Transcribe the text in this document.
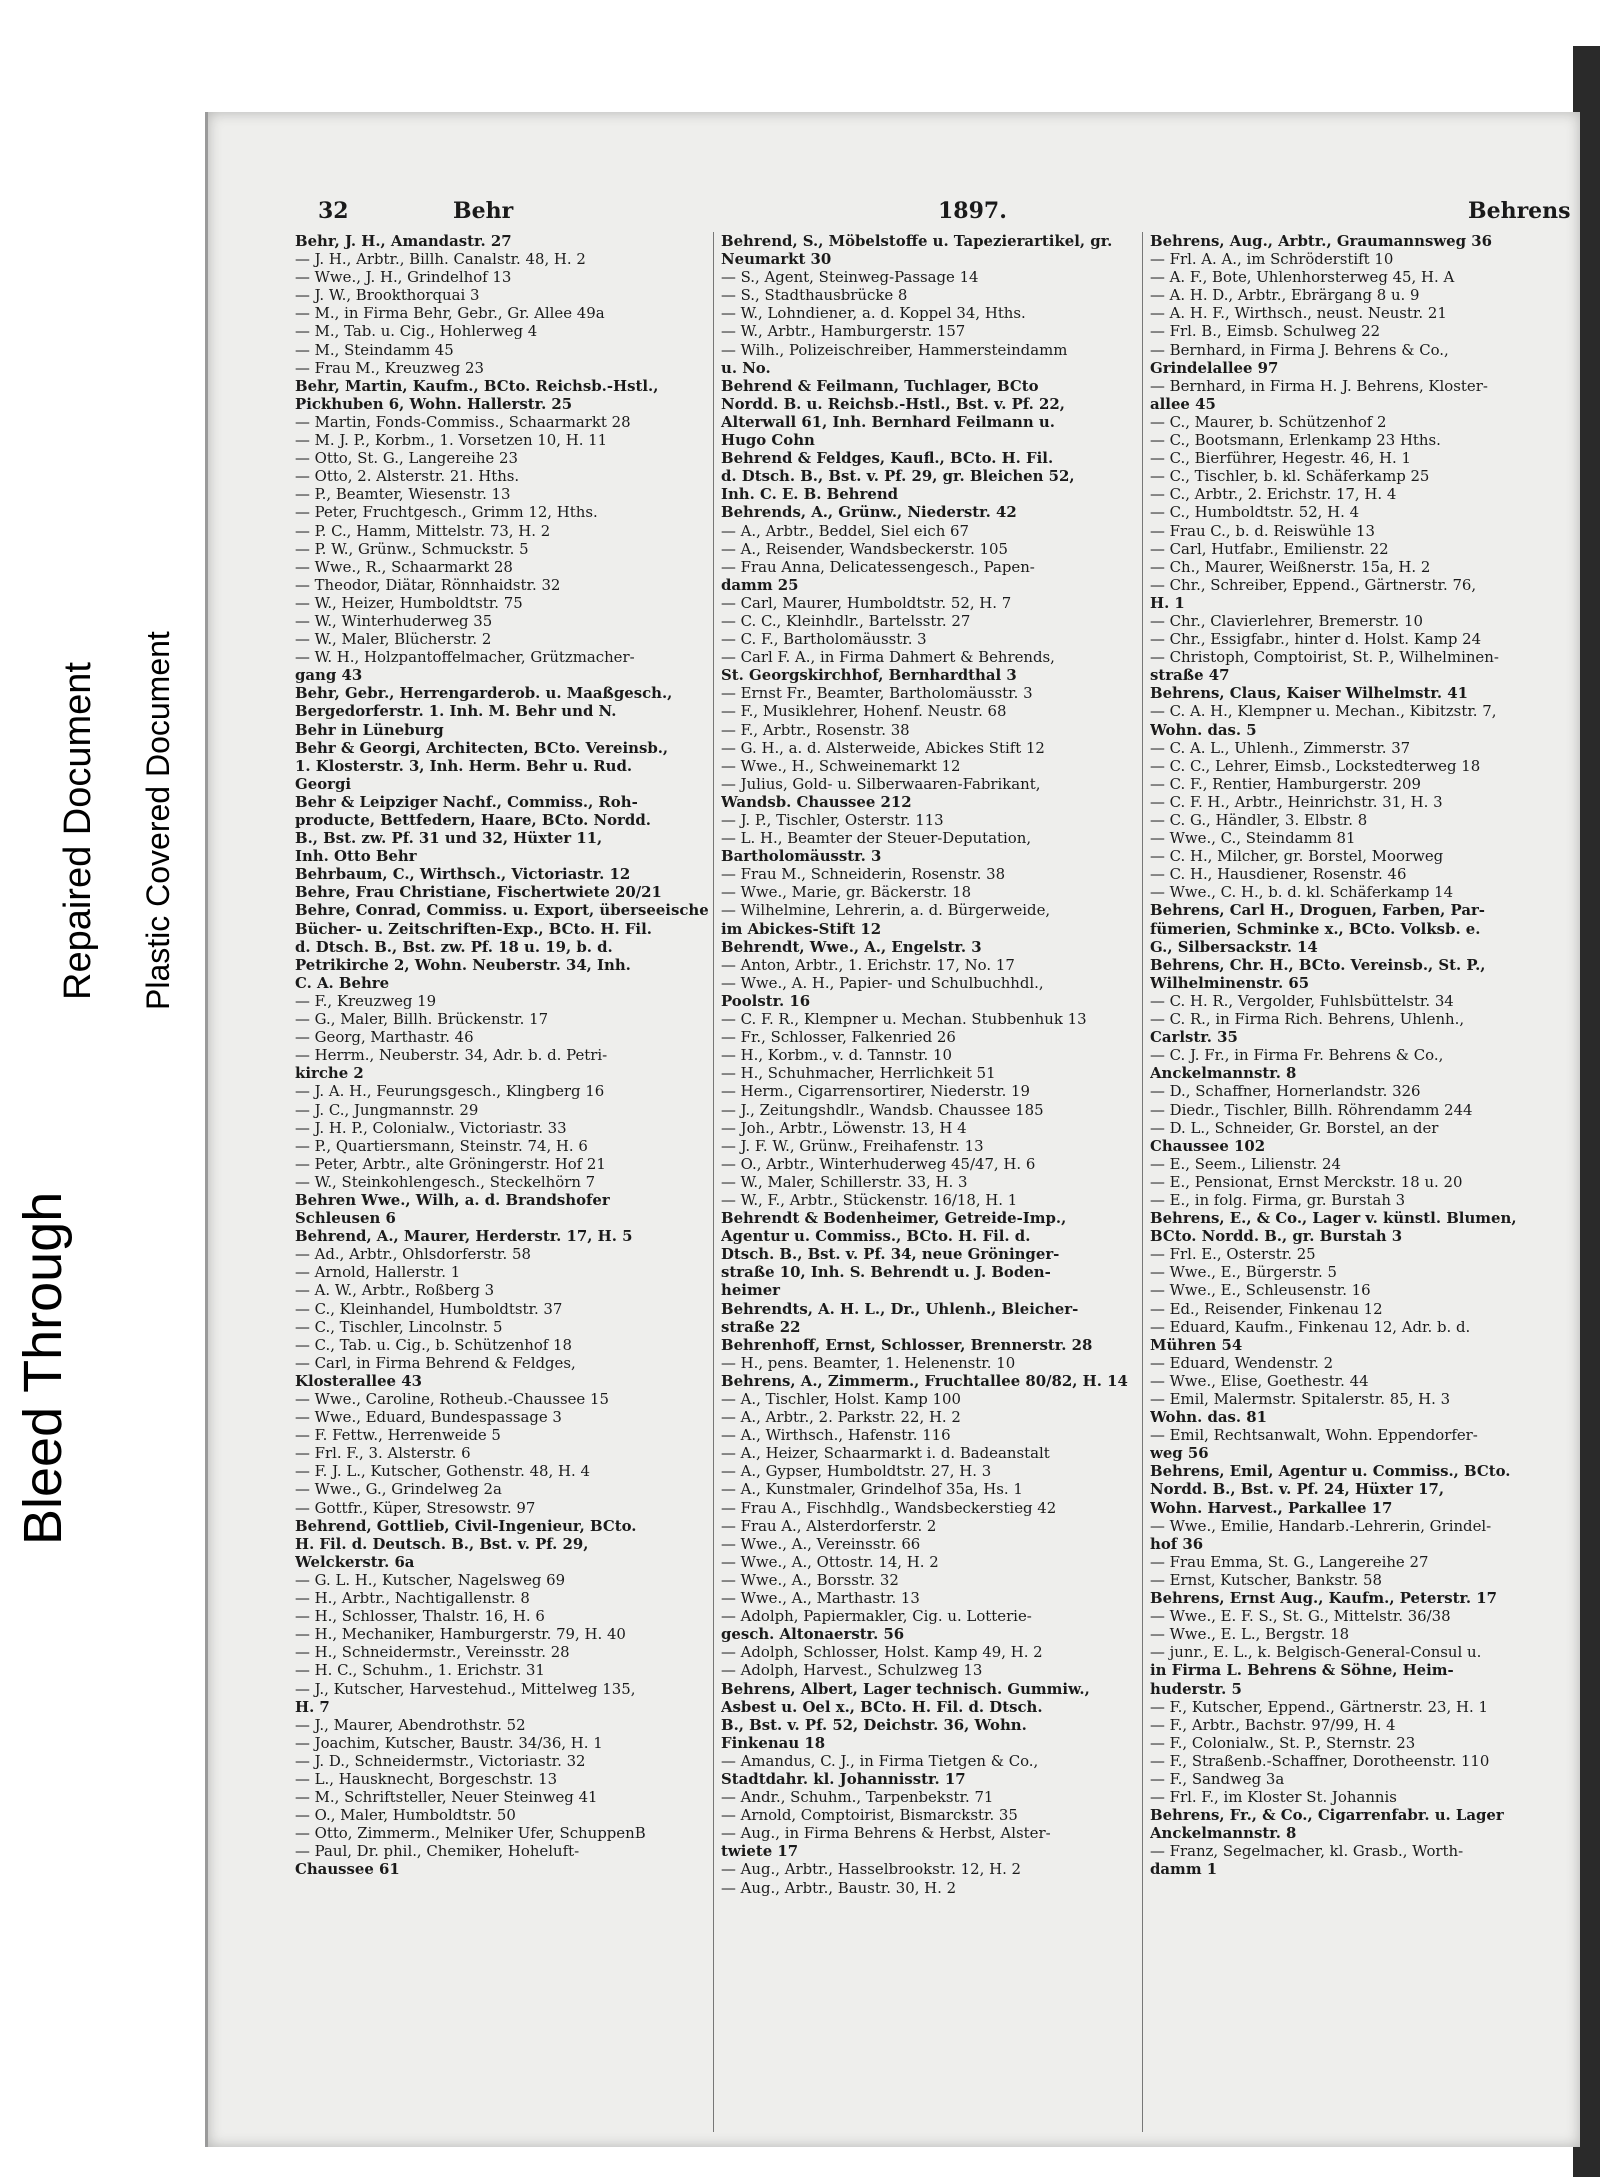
32	Behr	1897.	Behrens
Behr, J. H., Amandastr. 27
— J. H., Arbtr., Billh. Canalstr. 48, H. 2
— Wwe., J. H., Grindelhof 13
— J. W., Brookthorquai 3
— M., in Firma Behr, Gebr., Gr. Allee 49a
— M., Tab. u. Cig., Hohlerweg 4
— M., Steindamm 45
— Frau M., Kreuzweg 23
Behr, Martin, Kaufm., BCto. Reichsb.-Hstl.,
Pickhuben 6, Wohn. Hallerstr. 25
— Martin, Fonds-Commiss., Schaarmarkt 28
— M. J. P., Korbm., 1. Vorsetzen 10, H. 11
— Otto, St. G., Langereihe 23
— Otto, 2. Alsterstr. 21. Hths.
— P., Beamter, Wiesenstr. 13
— Peter, Fruchtgesch., Grimm 12, Hths.
— P. C., Hamm, Mittelstr. 73, H. 2
— P. W., Grünw., Schmuckstr. 5
— Wwe., R., Schaarmarkt 28
— Theodor, Diätar, Rönnhaidstr. 32
— W., Heizer, Humboldtstr. 75
— W., Winterhuderweg 35
— W., Maler, Blücherstr. 2
— W. H., Holzpantoffelmacher, Grützmacher-
gang 43
Behr, Gebr., Herrengarderob. u. Maaßgesch.,
Bergedorferstr. 1. Inh. M. Behr und N.
Behr in Lüneburg
Behr & Georgi, Architecten, BCto. Vereinsb.,
1. Klosterstr. 3, Inh. Herm. Behr u. Rud.
Georgi
Behr & Leipziger Nachf., Commiss., Roh-
producte, Bettfedern, Haare, BCto. Nordd.
B., Bst. zw. Pf. 31 und 32, Hüxter 11,
Inh. Otto Behr
Behrbaum, C., Wirthsch., Victoriastr. 12
Behre, Frau Christiane, Fischertwiete 20/21
Behre, Conrad, Commiss. u. Export, überseeische
Bücher- u. Zeitschriften-Exp., BCto. H. Fil.
d. Dtsch. B., Bst. zw. Pf. 18 u. 19, b. d.
Petrikirche 2, Wohn. Neuberstr. 34, Inh.
C. A. Behre
— F., Kreuzweg 19
— G., Maler, Billh. Brückenstr. 17
— Georg, Marthastr. 46
— Herrm., Neuberstr. 34, Adr. b. d. Petri-
kirche 2
— J. A. H., Feurungsgesch., Klingberg 16
— J. C., Jungmannstr. 29
— J. H. P., Colonialw., Victoriastr. 33
— P., Quartiersmann, Steinstr. 74, H. 6
— Peter, Arbtr., alte Gröningerstr. Hof 21
— W., Steinkohlengesch., Steckelhörn 7
Behren Wwe., Wilh, a. d. Brandshofer
Schleusen 6
Behrend, A., Maurer, Herderstr. 17, H. 5
— Ad., Arbtr., Ohlsdorferstr. 58
— Arnold, Hallerstr. 1
— A. W., Arbtr., Roßberg 3
— C., Kleinhandel, Humboldtstr. 37
— C., Tischler, Lincolnstr. 5
— C., Tab. u. Cig., b. Schützenhof 18
— Carl, in Firma Behrend & Feldges,
Klosterallee 43
— Wwe., Caroline, Rotheub.-Chaussee 15
— Wwe., Eduard, Bundespassage 3
— F. Fettw., Herrenweide 5
— Frl. F., 3. Alsterstr. 6
— F. J. L., Kutscher, Gothenstr. 48, H. 4
— Wwe., G., Grindelweg 2a
— Gottfr., Küper, Stresowstr. 97
Behrend, Gottlieb, Civil-Ingenieur, BCto.
H. Fil. d. Deutsch. B., Bst. v. Pf. 29,
Welckerstr. 6a
— G. L. H., Kutscher, Nagelsweg 69
— H., Arbtr., Nachtigallenstr. 8
— H., Schlosser, Thalstr. 16, H. 6
— H., Mechaniker, Hamburgerstr. 79, H. 40
— H., Schneidermstr., Vereinsstr. 28
— H. C., Schuhm., 1. Erichstr. 31
— J., Kutscher, Harvestehud., Mittelweg 135,
H. 7
— J., Maurer, Abendrothstr. 52
— Joachim, Kutscher, Baustr. 34/36, H. 1
— J. D., Schneidermstr., Victoriastr. 32
— L., Hausknecht, Borgeschstr. 13
— M., Schriftsteller, Neuer Steinweg 41
— O., Maler, Humboldtstr. 50
— Otto, Zimmerm., Melniker Ufer, SchuppenB
— Paul, Dr. phil., Chemiker, Hoheluft-
Chaussee 61
Behrend, S., Möbelstoffe u. Tapezierartikel, gr.
Neumarkt 30
— S., Agent, Steinweg-Passage 14
— S., Stadthausbrücke 8
— W., Lohndiener, a. d. Koppel 34, Hths.
— W., Arbtr., Hamburgerstr. 157
— Wilh., Polizeischreiber, Hammersteindamm
u. No.
Behrend & Feilmann, Tuchlager, BCto
Nordd. B. u. Reichsb.-Hstl., Bst. v. Pf. 22,
Alterwall 61, Inh. Bernhard Feilmann u.
Hugo Cohn
Behrend & Feldges, Kaufl., BCto. H. Fil.
d. Dtsch. B., Bst. v. Pf. 29, gr. Bleichen 52,
Inh. C. E. B. Behrend
Behrends, A., Grünw., Niederstr. 42
— A., Arbtr., Beddel, Siel eich 67
— A., Reisender, Wandsbeckerstr. 105
— Frau Anna, Delicatessengesch., Papen-
damm 25
— Carl, Maurer, Humboldtstr. 52, H. 7
— C. C., Kleinhdlr., Bartelsstr. 27
— C. F., Bartholomäusstr. 3
— Carl F. A., in Firma Dahmert & Behrends,
St. Georgskirchhof, Bernhardthal 3
— Ernst Fr., Beamter, Bartholomäusstr. 3
— F., Musiklehrer, Hohenf. Neustr. 68
— F., Arbtr., Rosenstr. 38
— G. H., a. d. Alsterweide, Abickes Stift 12
— Wwe., H., Schweinemarkt 12
— Julius, Gold- u. Silberwaaren-Fabrikant,
Wandsb. Chaussee 212
— J. P., Tischler, Osterstr. 113
— L. H., Beamter der Steuer-Deputation,
Bartholomäusstr. 3
— Frau M., Schneiderin, Rosenstr. 38
— Wwe., Marie, gr. Bäckerstr. 18
— Wilhelmine, Lehrerin, a. d. Bürgerweide,
im Abickes-Stift 12
Behrendt, Wwe., A., Engelstr. 3
— Anton, Arbtr., 1. Erichstr. 17, No. 17
— Wwe., A. H., Papier- und Schulbuchhdl.,
Poolstr. 16
— C. F. R., Klempner u. Mechan. Stubbenhuk 13
— Fr., Schlosser, Falkenried 26
— H., Korbm., v. d. Tannstr. 10
— H., Schuhmacher, Herrlichkeit 51
— Herm., Cigarrensortirer, Niederstr. 19
— J., Zeitungshdlr., Wandsb. Chaussee 185
— Joh., Arbtr., Löwenstr. 13, H 4
— J. F. W., Grünw., Freihafenstr. 13
— O., Arbtr., Winterhuderweg 45/47, H. 6
— W., Maler, Schillerstr. 33, H. 3
— W., F., Arbtr., Stückenstr. 16/18, H. 1
Behrendt & Bodenheimer, Getreide-Imp.,
Agentur u. Commiss., BCto. H. Fil. d.
Dtsch. B., Bst. v. Pf. 34, neue Gröninger-
straße 10, Inh. S. Behrendt u. J. Boden-
heimer
Behrendts, A. H. L., Dr., Uhlenh., Bleicher-
straße 22
Behrenhoff, Ernst, Schlosser, Brennerstr. 28
— H., pens. Beamter, 1. Helenenstr. 10
Behrens, A., Zimmerm., Fruchtallee 80/82, H. 14
— A., Tischler, Holst. Kamp 100
— A., Arbtr., 2. Parkstr. 22, H. 2
— A., Wirthsch., Hafenstr. 116
— A., Heizer, Schaarmarkt i. d. Badeanstalt
— A., Gypser, Humboldtstr. 27, H. 3
— A., Kunstmaler, Grindelhof 35a, Hs. 1
— Frau A., Fischhdlg., Wandsbeckerstieg 42
— Frau A., Alsterdorferstr. 2
— Wwe., A., Vereinsstr. 66
— Wwe., A., Ottostr. 14, H. 2
— Wwe., A., Borsstr. 32
— Wwe., A., Marthastr. 13
— Adolph, Papiermakler, Cig. u. Lotterie-
gesch. Altonaerstr. 56
— Adolph, Schlosser, Holst. Kamp 49, H. 2
— Adolph, Harvest., Schulzweg 13
Behrens, Albert, Lager technisch. Gummiw.,
Asbest u. Oel x., BCto. H. Fil. d. Dtsch.
B., Bst. v. Pf. 52, Deichstr. 36, Wohn.
Finkenau 18
— Amandus, C. J., in Firma Tietgen & Co.,
Stadtdahr. kl. Johannisstr. 17
— Andr., Schuhm., Tarpenbekstr. 71
— Arnold, Comptoirist, Bismarckstr. 35
— Aug., in Firma Behrens & Herbst, Alster-
twiete 17
— Aug., Arbtr., Hasselbrookstr. 12, H. 2
— Aug., Arbtr., Baustr. 30, H. 2
Behrens, Aug., Arbtr., Graumannsweg 36
— Frl. A. A., im Schröderstift 10
— A. F., Bote, Uhlenhorsterweg 45, H. A
— A. H. D., Arbtr., Ebrärgang 8 u. 9
— A. H. F., Wirthsch., neust. Neustr. 21
— Frl. B., Eimsb. Schulweg 22
— Bernhard, in Firma J. Behrens & Co.,
Grindelallee 97
— Bernhard, in Firma H. J. Behrens, Kloster-
allee 45
— C., Maurer, b. Schützenhof 2
— C., Bootsmann, Erlenkamp 23 Hths.
— C., Bierführer, Hegestr. 46, H. 1
— C., Tischler, b. kl. Schäferkamp 25
— C., Arbtr., 2. Erichstr. 17, H. 4
— C., Humboldtstr. 52, H. 4
— Frau C., b. d. Reiswühle 13
— Carl, Hutfabr., Emilienstr. 22
— Ch., Maurer, Weißnerstr. 15a, H. 2
— Chr., Schreiber, Eppend., Gärtnerstr. 76,
H. 1
— Chr., Clavierlehrer, Bremerstr. 10
— Chr., Essigfabr., hinter d. Holst. Kamp 24
— Christoph, Comptoirist, St. P., Wilhelminen-
straße 47
Behrens, Claus, Kaiser Wilhelmstr. 41
— C. A. H., Klempner u. Mechan., Kibitzstr. 7,
Wohn. das. 5
— C. A. L., Uhlenh., Zimmerstr. 37
— C. C., Lehrer, Eimsb., Lockstedterweg 18
— C. F., Rentier, Hamburgerstr. 209
— C. F. H., Arbtr., Heinrichstr. 31, H. 3
— C. G., Händler, 3. Elbstr. 8
— Wwe., C., Steindamm 81
— C. H., Milcher, gr. Borstel, Moorweg
— C. H., Hausdiener, Rosenstr. 46
— Wwe., C. H., b. d. kl. Schäferkamp 14
Behrens, Carl H., Droguen, Farben, Par-
fümerien, Schminke x., BCto. Volksb. e.
G., Silbersackstr. 14
Behrens, Chr. H., BCto. Vereinsb., St. P.,
Wilhelminenstr. 65
— C. H. R., Vergolder, Fuhlsbüttelstr. 34
— C. R., in Firma Rich. Behrens, Uhlenh.,
Carlstr. 35
— C. J. Fr., in Firma Fr. Behrens & Co.,
Anckelmannstr. 8
— D., Schaffner, Hornerlandstr. 326
— Diedr., Tischler, Billh. Röhrendamm 244
— D. L., Schneider, Gr. Borstel, an der
Chaussee 102
— E., Seem., Lilienstr. 24
— E., Pensionat, Ernst Merckstr. 18 u. 20
— E., in folg. Firma, gr. Burstah 3
Behrens, E., & Co., Lager v. künstl. Blumen,
BCto. Nordd. B., gr. Burstah 3
— Frl. E., Osterstr. 25
— Wwe., E., Bürgerstr. 5
— Wwe., E., Schleusenstr. 16
— Ed., Reisender, Finkenau 12
— Eduard, Kaufm., Finkenau 12, Adr. b. d.
Mühren 54
— Eduard, Wendenstr. 2
— Wwe., Elise, Goethestr. 44
— Emil, Malermstr. Spitalerstr. 85, H. 3
Wohn. das. 81
— Emil, Rechtsanwalt, Wohn. Eppendorfer-
weg 56
Behrens, Emil, Agentur u. Commiss., BCto.
Nordd. B., Bst. v. Pf. 24, Hüxter 17,
Wohn. Harvest., Parkallee 17
— Wwe., Emilie, Handarb.-Lehrerin, Grindel-
hof 36
— Frau Emma, St. G., Langereihe 27
— Ernst, Kutscher, Bankstr. 58
Behrens, Ernst Aug., Kaufm., Peterstr. 17
— Wwe., E. F. S., St. G., Mittelstr. 36/38
— Wwe., E. L., Bergstr. 18
— junr., E. L., k. Belgisch-General-Consul u.
in Firma L. Behrens & Söhne, Heim-
huderstr. 5
— F., Kutscher, Eppend., Gärtnerstr. 23, H. 1
— F., Arbtr., Bachstr. 97/99, H. 4
— F., Colonialw., St. P., Sternstr. 23
— F., Straßenb.-Schaffner, Dorotheenstr. 110
— F., Sandweg 3a
— Frl. F., im Kloster St. Johannis
Behrens, Fr., & Co., Cigarrenfabr. u. Lager
Anckelmannstr. 8
— Franz, Segelmacher, kl. Grasb., Worth-
damm 1
Bleed Through
Repaired Document Plastic Covered Document
